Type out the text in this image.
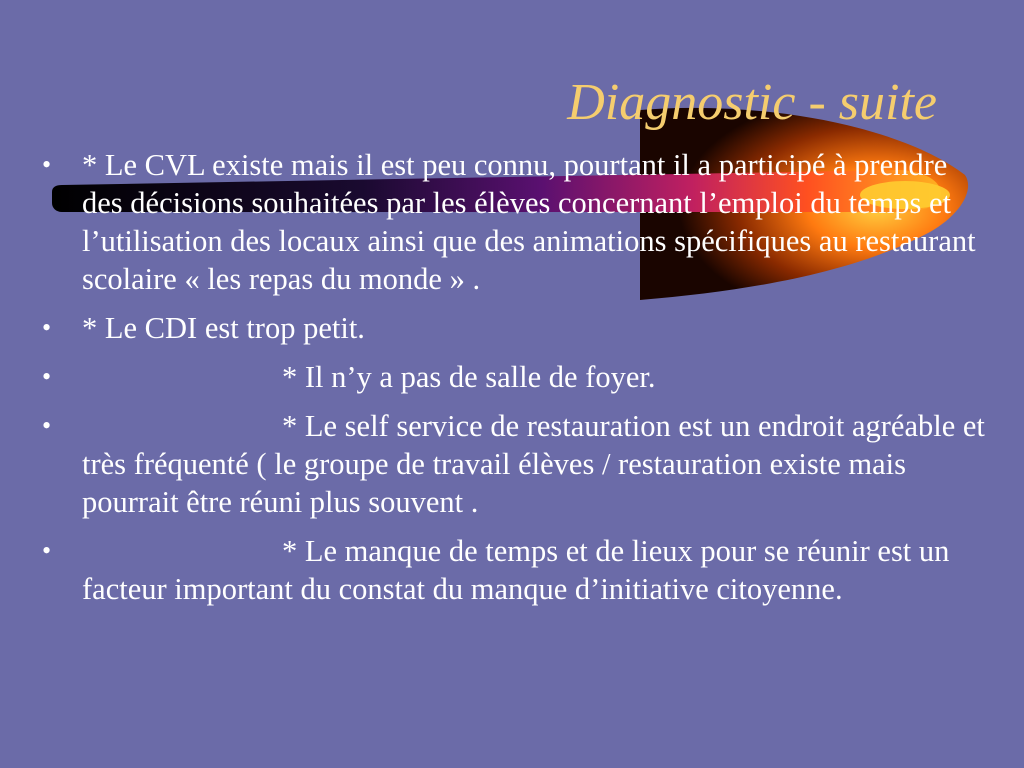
Diagnostic - suite
• * Le CVL existe mais il est peu connu, pourtant il a participé à prendre des décisions souhaitées par les élèves concernant l’emploi du temps et l’utilisation des locaux ainsi que des animations spécifiques au restaurant scolaire « les repas du monde » .
• * Le CDI est trop petit.
•	* Il n’y a pas de salle de foyer.
•	* Le self service de restauration est un endroit agréable et très fréquenté ( le groupe de travail élèves / restauration existe mais pourrait être réuni plus souvent .
•	* Le manque de temps et de lieux pour se réunir est un facteur important du constat du manque d’initiative citoyenne.
